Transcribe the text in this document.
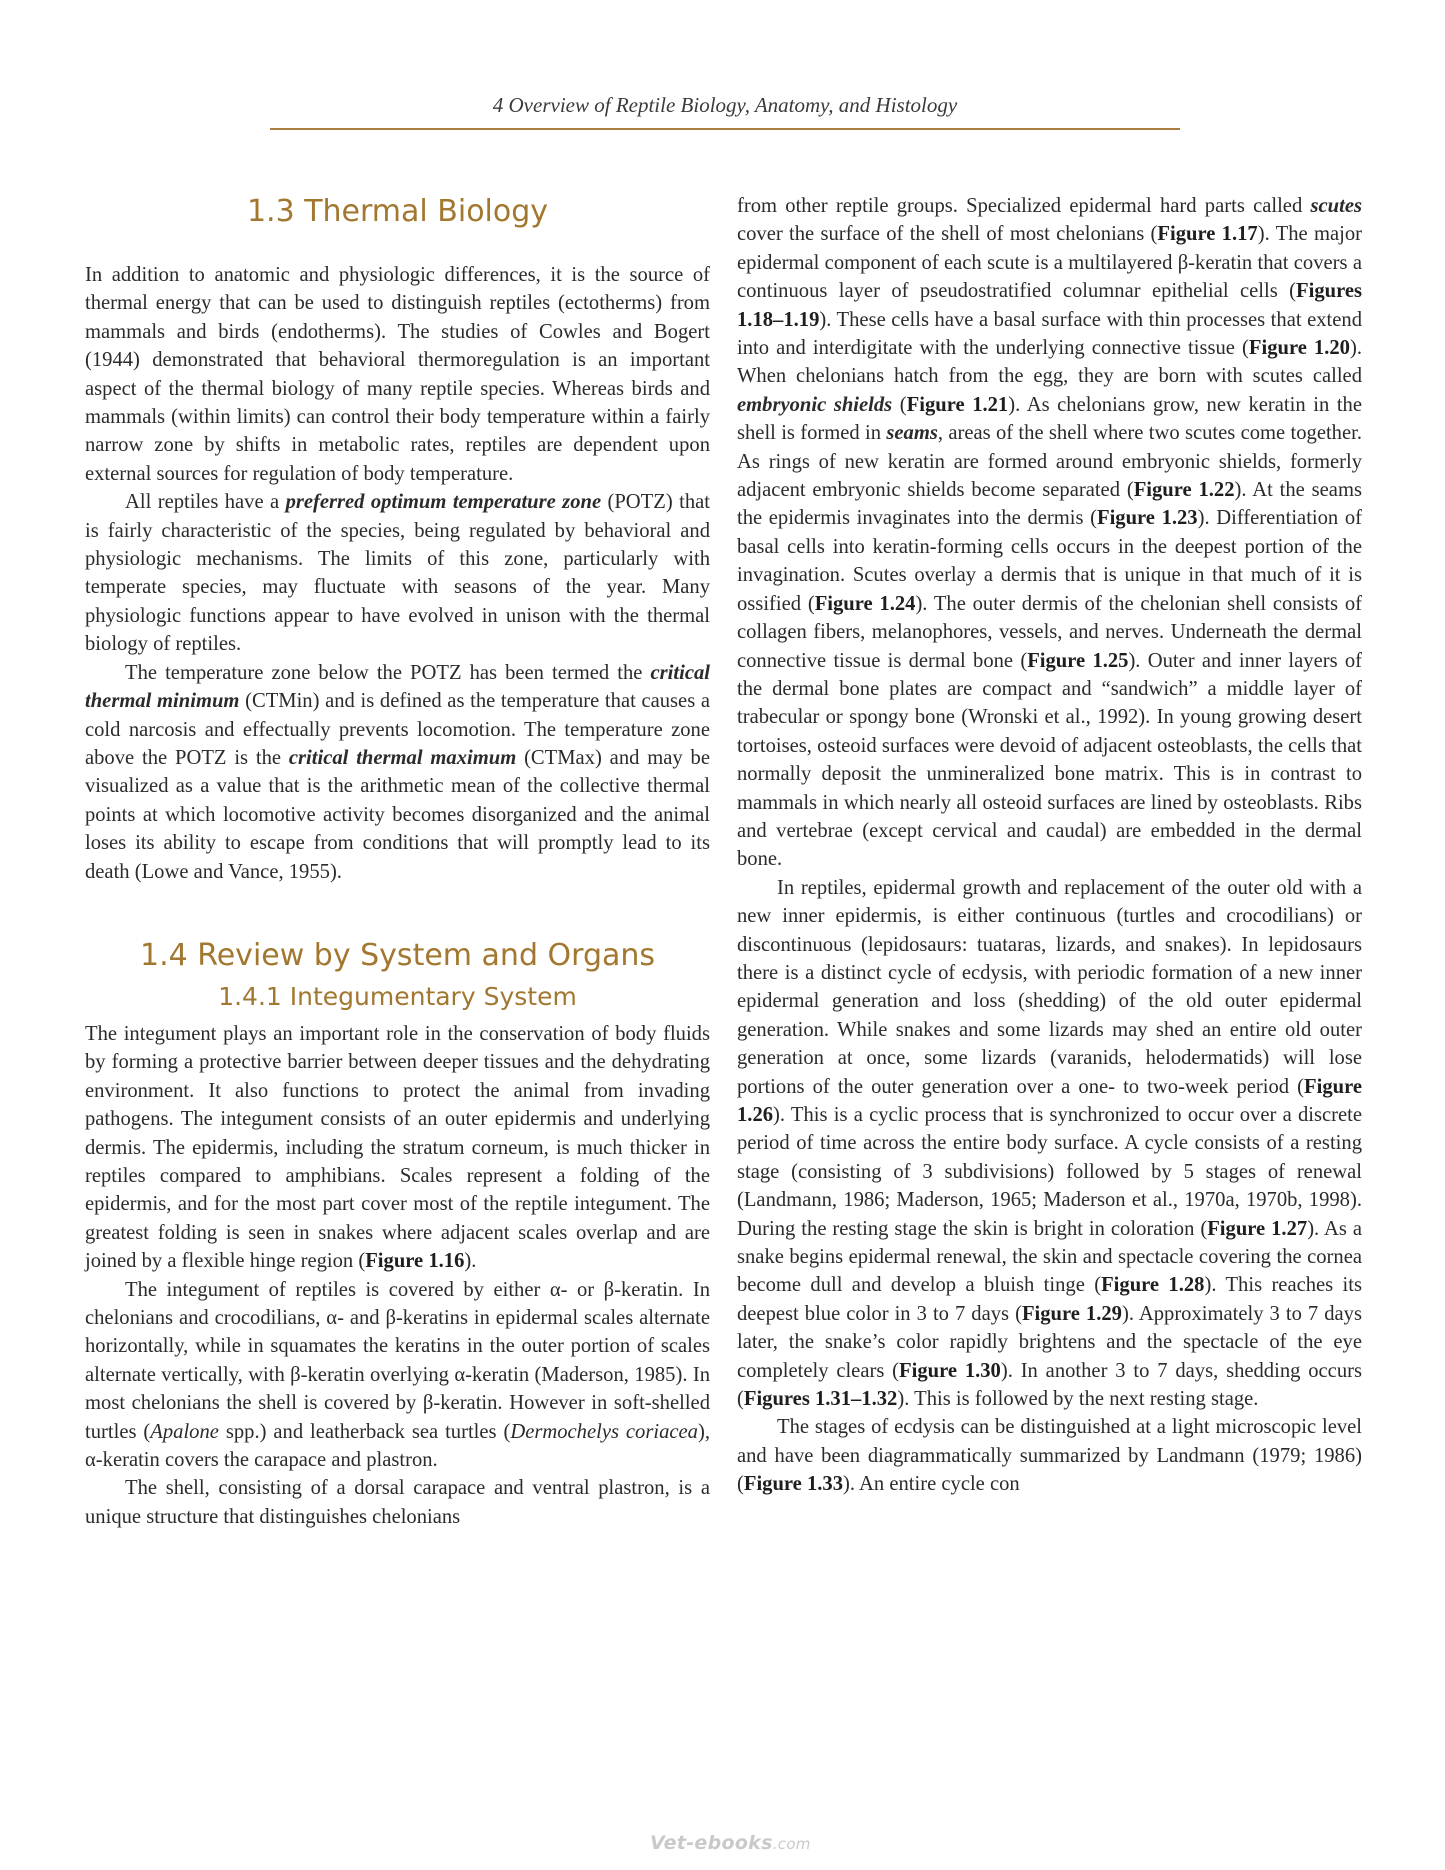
4 Overview of Reptile Biology, Anatomy, and Histology
1.3 Thermal Biology

In addition to anatomic and physiologic differences, it is the source of thermal energy that can be used to distinguish reptiles (ectotherms) from mammals and birds (endotherms). The studies of Cowles and Bogert (1944) demonstrated that behavioral thermoregulation is an important aspect of the thermal biology of many reptile species. Whereas birds and mammals (within limits) can control their body temperature within a fairly narrow zone by shifts in metabolic rates, reptiles are dependent upon external sources for regulation of body temperature.

All reptiles have a preferred optimum temperature zone (POTZ) that is fairly characteristic of the species, being regulated by behavioral and physiologic mechanisms. The limits of this zone, particularly with temperate species, may fluctuate with seasons of the year. Many physiologic functions appear to have evolved in unison with the thermal biology of reptiles.

The temperature zone below the POTZ has been termed the critical thermal minimum (CTMin) and is defined as the temperature that causes a cold narcosis and effectually prevents locomotion. The temperature zone above the POTZ is the critical thermal maximum (CTMax) and may be visualized as a value that is the arithmetic mean of the collective thermal points at which locomotive activity becomes disorganized and the animal loses its ability to escape from conditions that will promptly lead to its death (Lowe and Vance, 1955).

1.4 Review by System and Organs
1.4.1 Integumentary System

The integument plays an important role in the conservation of body fluids by forming a protective barrier between deeper tissues and the dehydrating environment. It also functions to protect the animal from invading pathogens. The integument consists of an outer epidermis and underlying dermis. The epidermis, including the stratum corneum, is much thicker in reptiles compared to amphibians. Scales represent a folding of the epidermis, and for the most part cover most of the reptile integument. The greatest folding is seen in snakes where adjacent scales overlap and are joined by a flexible hinge region (Figure 1.16).

The integument of reptiles is covered by either α- or β-keratin. In chelonians and crocodilians, α- and β-keratins in epidermal scales alternate horizontally, while in squamates the keratins in the outer portion of scales alternate vertically, with β-keratin overlying α-keratin (Maderson, 1985). In most chelonians the shell is covered by β-keratin. However in soft-shelled turtles (Apalone spp.) and leatherback sea turtles (Dermochelys coriacea), α-keratin covers the carapace and plastron.

The shell, consisting of a dorsal carapace and ventral plastron, is a unique structure that distinguishes chelonians

from other reptile groups. Specialized epidermal hard parts called scutes cover the surface of the shell of most chelonians (Figure 1.17). The major epidermal component of each scute is a multilayered β-keratin that covers a continuous layer of pseudostratified columnar epithelial cells (Figures 1.18–1.19). These cells have a basal surface with thin processes that extend into and interdigitate with the underlying connective tissue (Figure 1.20). When chelonians hatch from the egg, they are born with scutes called embryonic shields (Figure 1.21). As chelonians grow, new keratin in the shell is formed in seams, areas of the shell where two scutes come together. As rings of new keratin are formed around embryonic shields, formerly adjacent embryonic shields become separated (Figure 1.22). At the seams the epidermis invaginates into the dermis (Figure 1.23). Differentiation of basal cells into keratin-forming cells occurs in the deepest portion of the invagination. Scutes overlay a dermis that is unique in that much of it is ossified (Figure 1.24). The outer dermis of the chelonian shell consists of collagen fibers, melanophores, vessels, and nerves. Underneath the dermal connective tissue is dermal bone (Figure 1.25). Outer and inner layers of the dermal bone plates are compact and “sandwich” a middle layer of trabecular or spongy bone (Wronski et al., 1992). In young growing desert tortoises, osteoid surfaces were devoid of adjacent osteoblasts, the cells that normally deposit the unmineralized bone matrix. This is in contrast to mammals in which nearly all osteoid surfaces are lined by osteoblasts. Ribs and vertebrae (except cervical and caudal) are embedded in the dermal bone.

In reptiles, epidermal growth and replacement of the outer old with a new inner epidermis, is either continuous (turtles and crocodilians) or discontinuous (lepidosaurs: tuataras, lizards, and snakes). In lepidosaurs there is a distinct cycle of ecdysis, with periodic formation of a new inner epidermal generation and loss (shedding) of the old outer epidermal generation. While snakes and some lizards may shed an entire old outer generation at once, some lizards (varanids, helodermatids) will lose portions of the outer generation over a one- to two-week period (Figure 1.26). This is a cyclic process that is synchronized to occur over a discrete period of time across the entire body surface. A cycle consists of a resting stage (consisting of 3 subdivisions) followed by 5 stages of renewal (Landmann, 1986; Maderson, 1965; Maderson et al., 1970a, 1970b, 1998). During the resting stage the skin is bright in coloration (Figure 1.27). As a snake begins epidermal renewal, the skin and spectacle covering the cornea become dull and develop a bluish tinge (Figure 1.28). This reaches its deepest blue color in 3 to 7 days (Figure 1.29). Approximately 3 to 7 days later, the snake’s color rapidly brightens and the spectacle of the eye completely clears (Figure 1.30). In another 3 to 7 days, shedding occurs (Figures 1.31–1.32). This is followed by the next resting stage.

The stages of ecdysis can be distinguished at a light microscopic level and have been diagrammatically summarized by Landmann (1979; 1986) (Figure 1.33). An entire cycle con

Vet-ebooks.com
